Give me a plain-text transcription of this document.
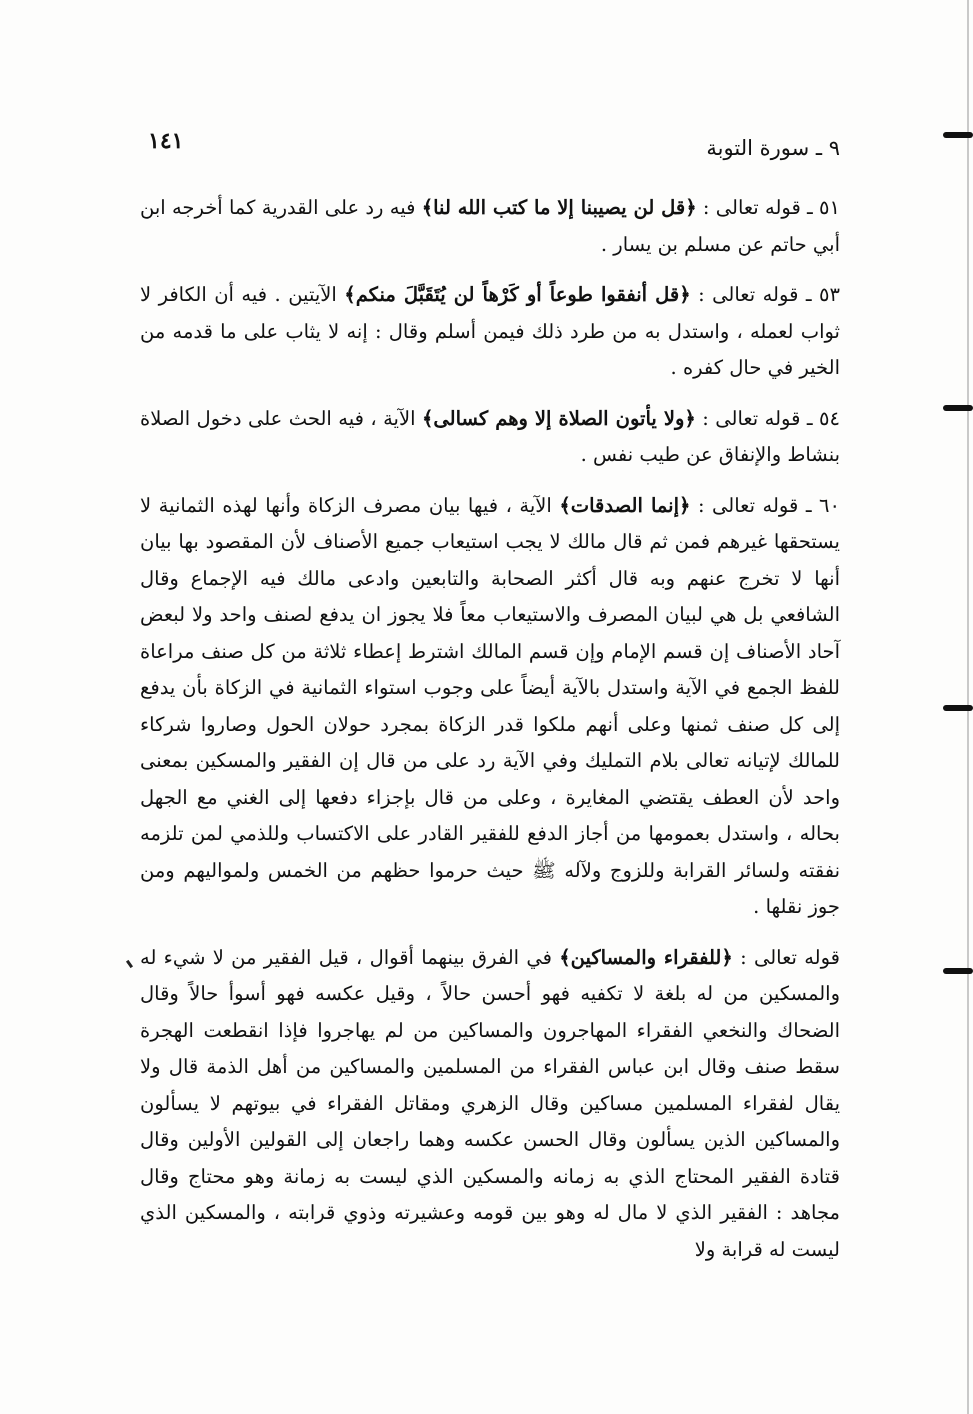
١٤١	٩ ـ سورة التوبة

٥١ ـ قوله تعالى : ﴿قل لن يصيبنا إلا ما كتب الله لنا﴾ فيه رد على القدرية كما أخرجه ابن أبي حاتم عن مسلم بن يسار .

٥٣ ـ قوله تعالى : ﴿قل أنفقوا طوعاً أو كَرْهاً لن يُتَقَبَّلَ منكم﴾ الآيتين . فيه أن الكافر لا ثواب لعمله ، واستدل به من طرد ذلك فيمن أسلم وقال : إنه لا يثاب على ما قدمه من الخير في حال كفره .

٥٤ ـ قوله تعالى : ﴿ولا يأتون الصلاة إلا وهم كسالى﴾ الآية ، فيه الحث على دخول الصلاة بنشاط والإنفاق عن طيب نفس .

٦٠ ـ قوله تعالى : ﴿إنما الصدقات﴾ الآية ، فيها بيان مصرف الزكاة وأنها لهذه الثمانية لا يستحقها غيرهم فمن ثم قال مالك لا يجب استيعاب جميع الأصناف لأن المقصود بها بيان أنها لا تخرج عنهم وبه قال أكثر الصحابة والتابعين وادعى مالك فيه الإجماع وقال الشافعي بل هي لبيان المصرف والاستيعاب معاً فلا يجوز ان يدفع لصنف واحد ولا لبعض آحاد الأصناف إن قسم الإمام وإن قسم المالك اشترط إعطاء ثلاثة من كل صنف مراعاة للفظ الجمع في الآية واستدل بالآية أيضاً على وجوب استواء الثمانية في الزكاة بأن يدفع إلى كل صنف ثمنها وعلى أنهم ملكوا قدر الزكاة بمجرد حولان الحول وصاروا شركاء للمالك لإتيانه تعالى بلام التمليك وفي الآية رد على من قال إن الفقير والمسكين بمعنى واحد لأن العطف يقتضي المغايرة ، وعلى من قال بإجزاء دفعها إلى الغني مع الجهل بحاله ، واستدل بعمومها من أجاز الدفع للفقير القادر على الاكتساب وللذمي لمن تلزمه نفقته ولسائر القرابة وللزوج ولآله ﷺ حيث حرموا حظهم من الخمس ولمواليهم ومن جوز نقلها .

قوله تعالى : ﴿للفقراء والمساكين﴾ في الفرق بينهما أقوال ، قيل الفقير من لا شيء له والمسكين من له بلغة لا تكفيه فهو أحسن حالاً ، وقيل عكسه فهو أسوأ حالاً وقال الضحاك والنخعي الفقراء المهاجرون والمساكين من لم يهاجروا فإذا انقطعت الهجرة سقط صنف وقال ابن عباس الفقراء من المسلمين والمساكين من أهل الذمة قال ولا يقال لفقراء المسلمين مساكين وقال الزهري ومقاتل الفقراء في بيوتهم لا يسألون والمساكين الذين يسألون وقال الحسن عكسه وهما راجعان إلى القولين الأولين وقال قتادة الفقير المحتاج الذي به زمانه والمسكين الذي ليست به زمانة وهو محتاج وقال مجاهد : الفقير الذي لا مال له وهو بين قومه وعشيرته وذوي قرابته ، والمسكين الذي ليست له قرابة ولا
